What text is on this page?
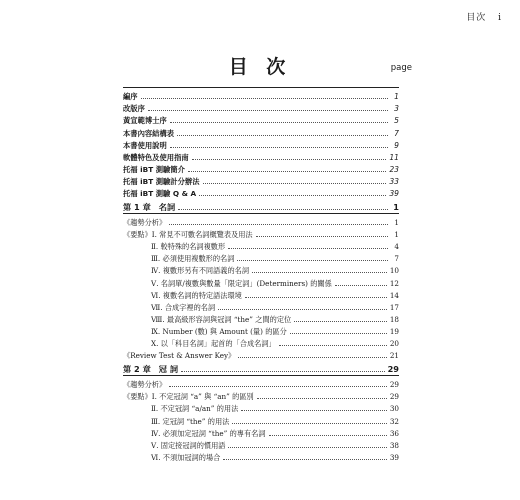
目次 i
目 次	page
編序	1
改版序	3
黃宣範博士序	5
本書內容結構表	7
本書使用說明	9
軟體特色及使用指南	11
托福 iBT 測驗簡介	23
托福 iBT 測驗計分辦法	33
托福 iBT 測驗 Q & A	39
第 1 章 名詞	1
《趨勢分析》	1
《要點》Ⅰ. 常見不可數名詞概覽表及用法	1
Ⅱ. 較特殊的名詞複數形	4
Ⅲ. 必須使用複數形的名詞	7
Ⅳ. 複數形另有不同語義的名詞	10
Ⅴ. 名詞單/複數與數量「限定詞」(Determiners) 的關係	12
Ⅵ. 複數名詞的特定語法環境	14
Ⅶ. 合成字裡的名詞	17
Ⅷ. 最高級形容詞與冠詞 “the” 之間的定位	18
Ⅸ. Number (數) 與 Amount (量) 的區分	19
Ⅹ. 以「科目名詞」起首的「合成名詞」	20
《Review Test & Answer Key》	21
第 2 章 冠 詞	29
《趨勢分析》	29
《要點》Ⅰ. 不定冠詞 “a” 與 “an” 的區別	29
Ⅱ. 不定冠詞 “a/an” 的用法	30
Ⅲ. 定冠詞 “the” 的用法	32
Ⅳ. 必須加定冠詞 “the” 的專有名詞	36
Ⅴ. 固定接冠詞的慣用語	38
Ⅵ. 不須加冠詞的場合	39
